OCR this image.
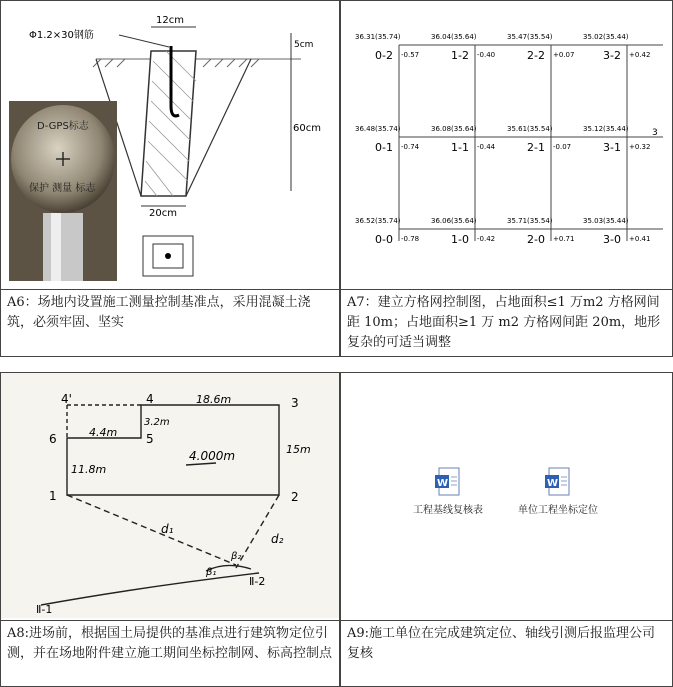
12cm
5cm
60cm
20cm
Φ1.2×30钢筋
D-GPS标志
保护 测量 标志
A6：场地内设置施工测量控制基准点，采用混凝土浇筑，必须牢固、坚实
36.31(35.74)
0-2 -0.57
36.04(35.64)
1-2 -0.40
35.47(35.54)
2-2 +0.07
35.02(35.44)
3-2 +0.42
36.48(35.74)
0-1 -0.74
36.08(35.64)
1-1 -0.44
35.61(35.54)
2-1 -0.07
35.12(35.44)
3-1 +0.32
36.52(35.74)
0-0 -0.78
36.06(35.64)
1-0 -0.42
35.71(35.54)
2-0 +0.71
35.03(35.44)
3-0 +0.41
3
A7：建立方格网控制图，占地面积≤1 万m2 方格网间距 10m；占地面积≥1 万 m2 方格网间距 20m，地形复杂的可适当调整
4'	4	3
6	5
1	2
18.6m
3.2m
4.4m
15m
11.8m
4.000m
d₁
d₂
β₁
β₂
Ⅱ-1
Ⅱ-2
A8:进场前，根据国土局提供的基准点进行建筑物定位引测，并在场地附件建立施工期间坐标控制网、标高控制点
W
工程基线复核表
W
单位工程坐标定位
A9:施工单位在完成建筑定位、轴线引测后报监理公司复核
